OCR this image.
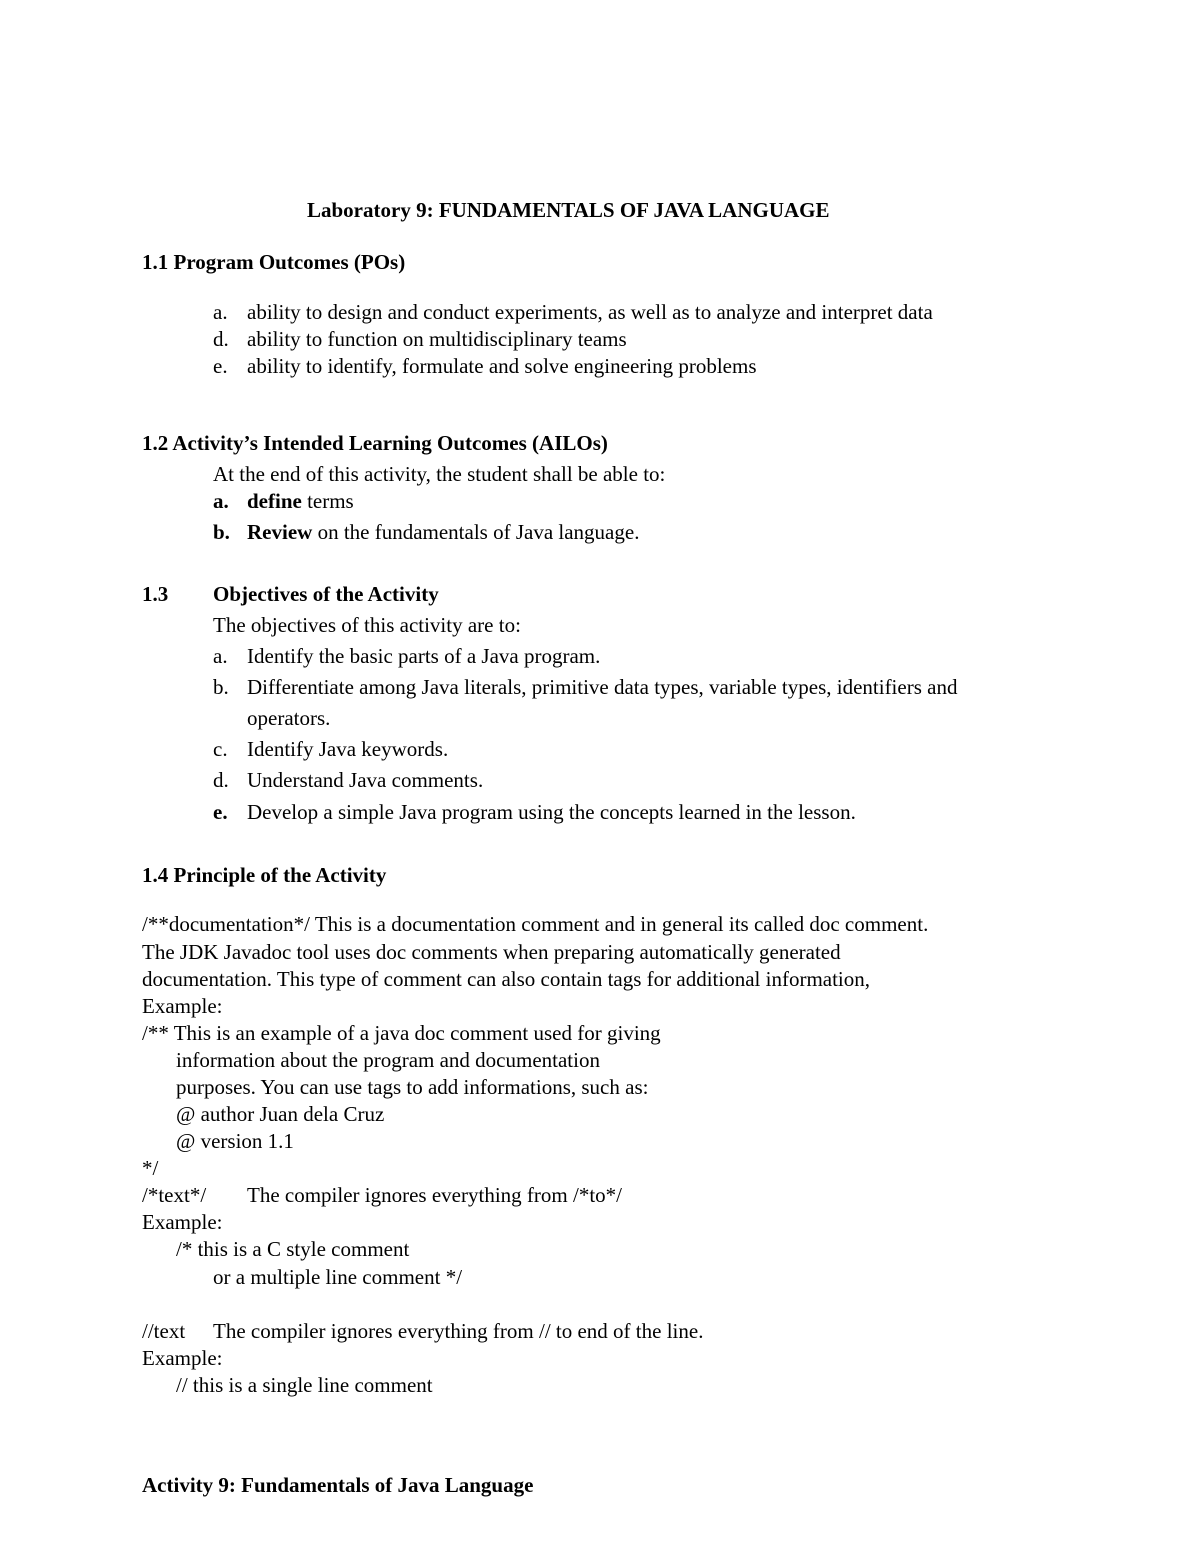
Laboratory 9: FUNDAMENTALS OF JAVA LANGUAGE
1.1 Program Outcomes (POs)
a. ability to design and conduct experiments, as well as to analyze and interpret data
d. ability to function on multidisciplinary teams
e. ability to identify, formulate and solve engineering problems
1.2 Activity’s Intended Learning Outcomes (AILOs)
At the end of this activity, the student shall be able to:
a. define terms
b. Review on the fundamentals of Java language.
1.3 Objectives of the Activity
The objectives of this activity are to:
a. Identify the basic parts of a Java program.
b. Differentiate among Java literals, primitive data types, variable types, identifiers and
operators.
c. Identify Java keywords.
d. Understand Java comments.
e. Develop a simple Java program using the concepts learned in the lesson.
1.4 Principle of the Activity
/**documentation*/ This is a documentation comment and in general its called doc comment.
The JDK Javadoc tool uses doc comments when preparing automatically generated
documentation. This type of comment can also contain tags for additional information,
Example:
/** This is an example of a java doc comment used for giving
information about the program and documentation
purposes. You can use tags to add informations, such as:
@ author Juan dela Cruz
@ version 1.1
*/
/*text*/ The compiler ignores everything from /*to*/
Example:
/* this is a C style comment
or a multiple line comment */
//text The compiler ignores everything from // to end of the line.
Example:
// this is a single line comment
Activity 9: Fundamentals of Java Language
